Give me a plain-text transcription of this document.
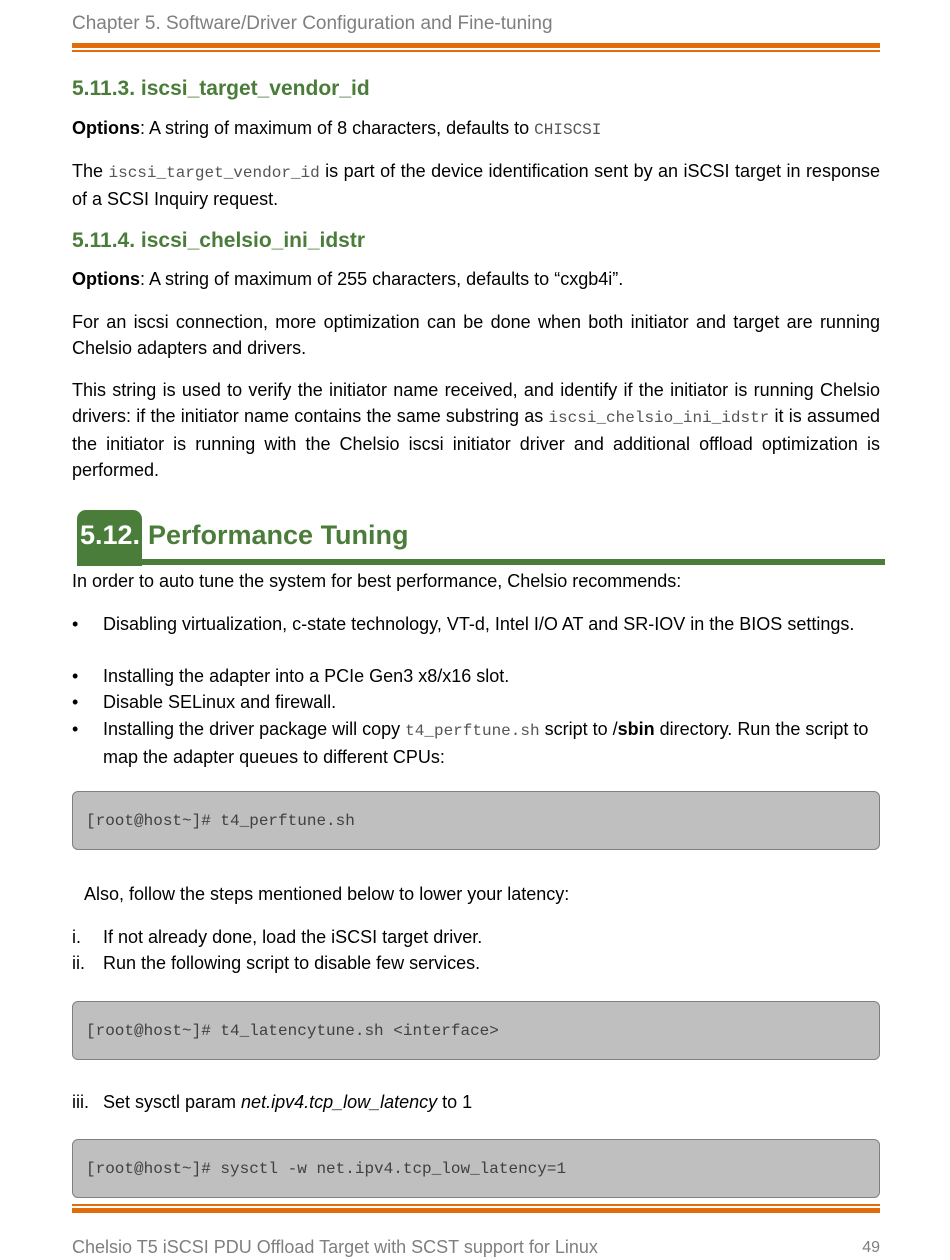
Chapter 5. Software/Driver Configuration and Fine-tuning
5.11.3. iscsi_target_vendor_id

Options: A string of maximum of 8 characters, defaults to CHISCSI

The iscsi_target_vendor_id is part of the device identification sent by an iSCSI target in response of a SCSI Inquiry request.

5.11.4. iscsi_chelsio_ini_idstr

Options: A string of maximum of 255 characters, defaults to “cxgb4i”.

For an iscsi connection, more optimization can be done when both initiator and target are running Chelsio adapters and drivers.

This string is used to verify the initiator name received, and identify if the initiator is running Chelsio drivers: if the initiator name contains the same substring as iscsi_chelsio_ini_idstr it is assumed the initiator is running with the Chelsio iscsi initiator driver and additional offload optimization is performed.

5.12. Performance Tuning

In order to auto tune the system for best performance, Chelsio recommends:

• Disabling virtualization, c-state technology, VT-d, Intel I/O AT and SR-IOV in the BIOS settings.
• Installing the adapter into a PCIe Gen3 x8/x16 slot.
• Disable SELinux and firewall.
• Installing the driver package will copy t4_perftune.sh script to /sbin directory. Run the script to map the adapter queues to different CPUs:
[root@host~]# t4_perftune.sh

Also, follow the steps mentioned below to lower your latency:

i. If not already done, load the iSCSI target driver.
ii. Run the following script to disable few services.
[root@host~]# t4_latencytune.sh <interface>
iii. Set sysctl param net.ipv4.tcp_low_latency to 1
[root@host~]# sysctl -w net.ipv4.tcp_low_latency=1
Chelsio T5 iSCSI PDU Offload Target with SCST support for Linux	49
